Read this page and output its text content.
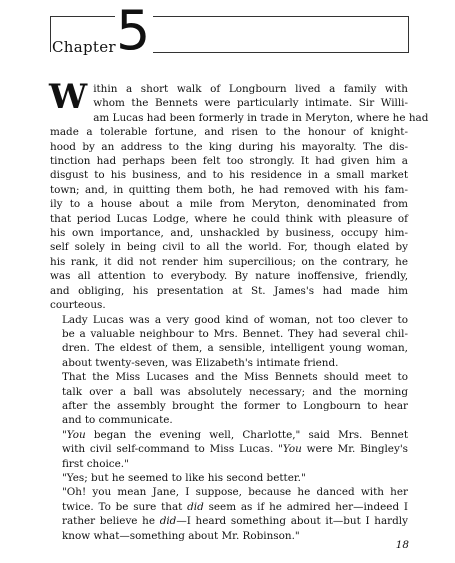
Chapter 5
W ithin a short walk of Longbourn lived a family with
whom the Bennets were particularly intimate. Sir Willi-
am Lucas had been formerly in trade in Meryton, where he had
made a tolerable fortune, and risen to the honour of knight-
hood by an address to the king during his mayoralty. The dis-
tinction had perhaps been felt too strongly. It had given him a
disgust to his business, and to his residence in a small market
town; and, in quitting them both, he had removed with his fam-
ily to a house about a mile from Meryton, denominated from
that period Lucas Lodge, where he could think with pleasure of
his own importance, and, unshackled by business, occupy him-
self solely in being civil to all the world. For, though elated by
his rank, it did not render him supercilious; on the contrary, he
was all attention to everybody. By nature inoffensive, friendly,
and obliging, his presentation at St. James's had made him
courteous.
Lady Lucas was a very good kind of woman, not too clever to
be a valuable neighbour to Mrs. Bennet. They had several chil-
dren. The eldest of them, a sensible, intelligent young woman,
about twenty-seven, was Elizabeth's intimate friend.
That the Miss Lucases and the Miss Bennets should meet to
talk over a ball was absolutely necessary; and the morning
after the assembly brought the former to Longbourn to hear
and to communicate.
"You began the evening well, Charlotte," said Mrs. Bennet
with civil self-command to Miss Lucas. "You were Mr. Bingley's
first choice."
"Yes; but he seemed to like his second better."
"Oh! you mean Jane, I suppose, because he danced with her
twice. To be sure that did seem as if he admired her—indeed I
rather believe he did—I heard something about it—but I hardly
know what—something about Mr. Robinson."
18
